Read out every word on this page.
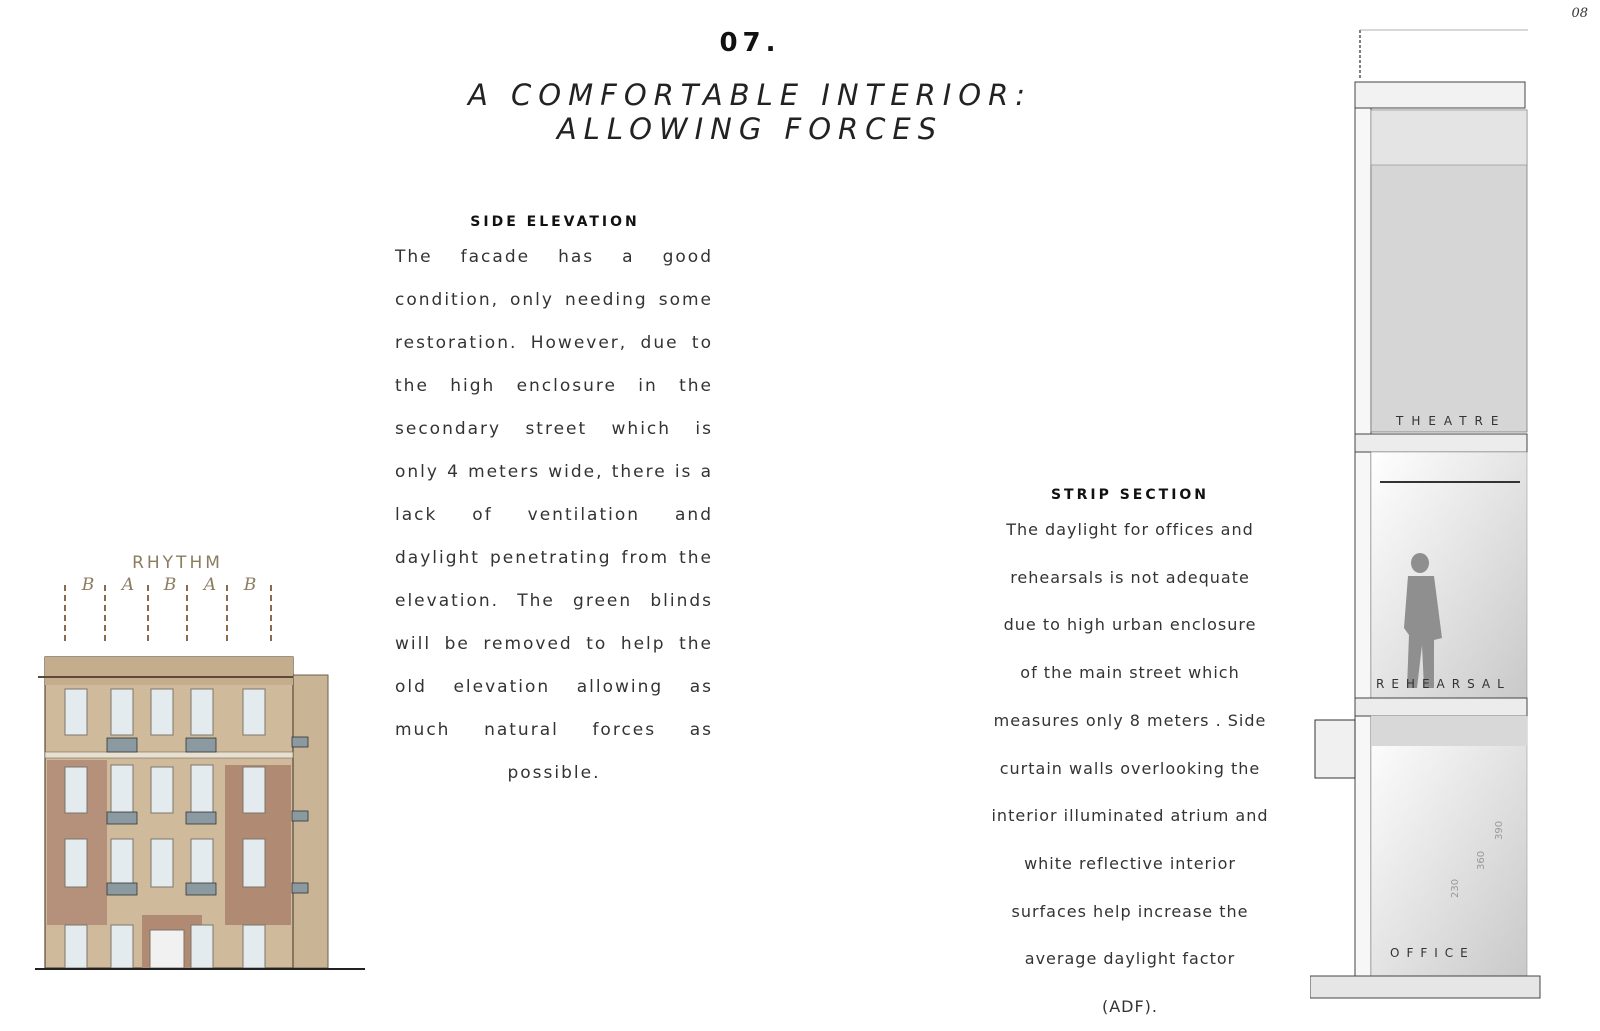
08
07.
A COMFORTABLE INTERIOR:
ALLOWING FORCES
SIDE ELEVATION
The facade has a good condition, only needing some restoration. However, due to the high enclosure in the secondary street which is only 4 meters wide, there is a lack of ventilation and daylight penetrating from the elevation. The green blinds will be removed to help the old elevation allowing as much natural forces as possible.
STRIP SECTION
The daylight for offices and
rehearsals is not adequate
due to high urban enclosure
of the main street which
measures only 8 meters . Side
curtain walls overlooking the
interior illuminated atrium and
white reflective interior
surfaces help increase the
average daylight factor
(ADF).
RHYTHM
B A B A B
THEATRE
REHEARSAL
OFFICE
390
360
230
